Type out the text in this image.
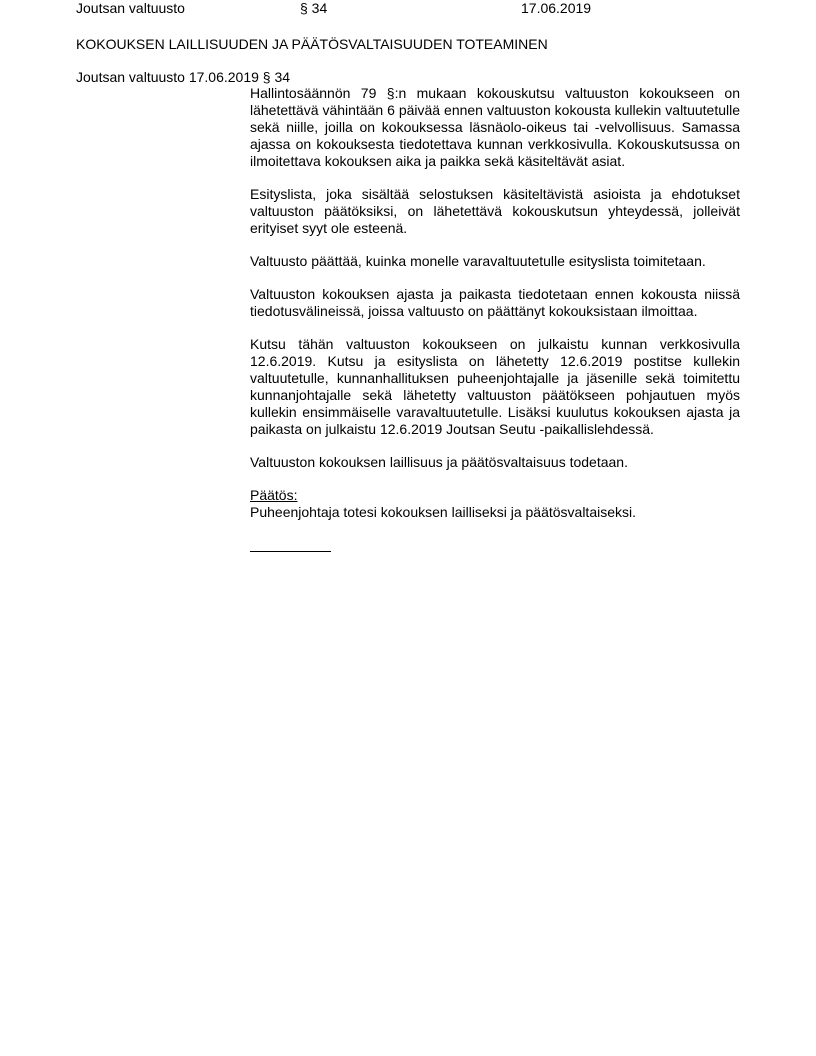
Joutsan valtuusto	§ 34	17.06.2019
KOKOUKSEN LAILLISUUDEN JA PÄÄTÖSVALTAISUUDEN TOTEAMINEN
Joutsan valtuusto 17.06.2019 § 34

Hallintosäännön 79 §:n mukaan kokouskutsu valtuuston kokoukseen on lähetettävä vähintään 6 päivää ennen valtuuston kokousta kullekin valtuutetulle sekä niille, joilla on kokouksessa läsnäolo-oikeus tai -velvollisuus. Samassa ajassa on kokouksesta tiedotettava kunnan verkkosivulla. Kokouskutsussa on ilmoitettava kokouksen aika ja paikka sekä käsiteltävät asiat.

Esityslista, joka sisältää selostuksen käsiteltävistä asioista ja ehdotukset valtuuston päätöksiksi, on lähetettävä kokouskutsun yhteydessä, jolleivät erityiset syyt ole esteenä.

Valtuusto päättää, kuinka monelle varavaltuutetulle esityslista toimitetaan.

Valtuuston kokouksen ajasta ja paikasta tiedotetaan ennen kokousta niissä tiedotusvälineissä, joissa valtuusto on päättänyt kokouksistaan ilmoittaa.

Kutsu tähän valtuuston kokoukseen on julkaistu kunnan verkkosivulla 12.6.2019. Kutsu ja esityslista on lähetetty 12.6.2019 postitse kullekin valtuutetulle, kunnanhallituksen puheenjohtajalle ja jäsenille sekä toimitettu kunnanjohtajalle sekä lähetetty valtuuston päätökseen pohjautuen myös kullekin ensimmäiselle varavaltuutetulle. Lisäksi kuulutus kokouksen ajasta ja paikasta on julkaistu 12.6.2019 Joutsan Seutu -paikallislehdessä.

Valtuuston kokouksen laillisuus ja päätösvaltaisuus todetaan.

Päätös:
Puheenjohtaja totesi kokouksen lailliseksi ja päätösvaltaiseksi.
